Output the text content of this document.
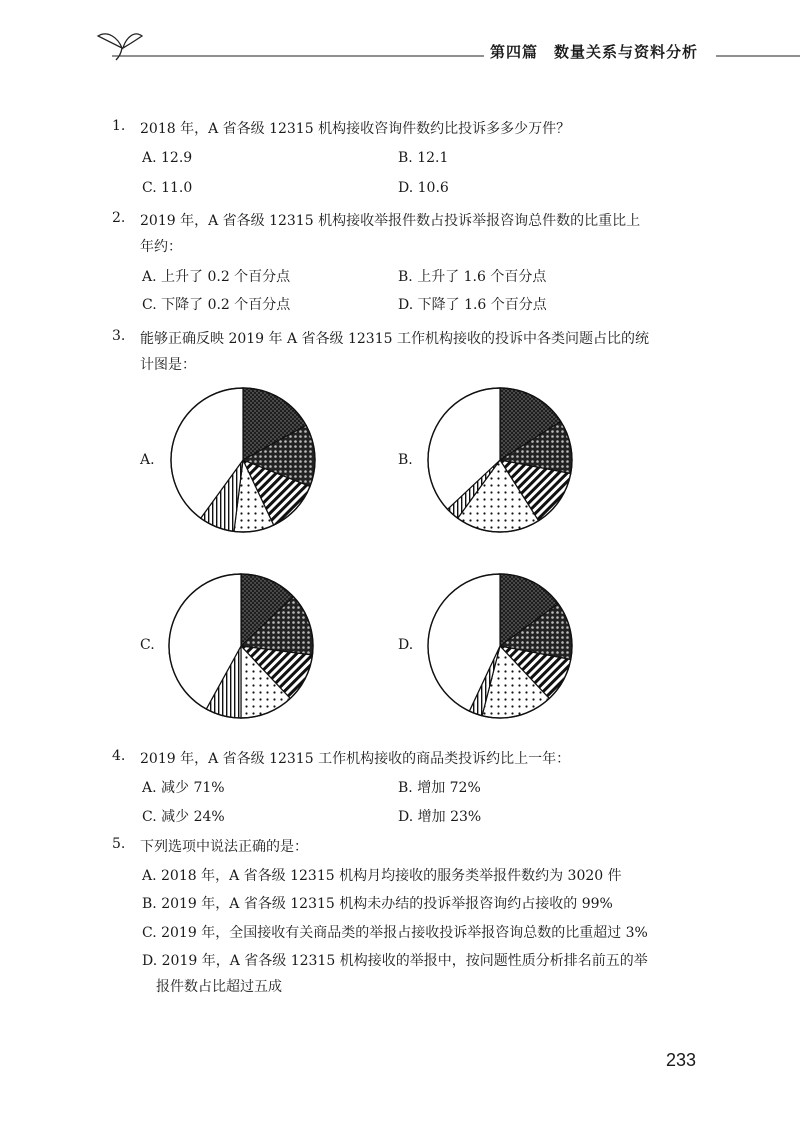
第四篇　数量关系与资料分析
1. 2018 年，A 省各级 12315 机构接收咨询件数约比投诉多多少万件？
A. 12.9	B. 12.1
C. 11.0	D. 10.6
2. 2019 年，A 省各级 12315 机构接收举报件数占投诉举报咨询总件数的比重比上
年约：
A. 上升了 0.2 个百分点	B. 上升了 1.6 个百分点
C. 下降了 0.2 个百分点	D. 下降了 1.6 个百分点
3. 能够正确反映 2019 年 A 省各级 12315 工作机构接收的投诉中各类问题占比的统
计图是：
A.	B.
C.	D.
4. 2019 年，A 省各级 12315 工作机构接收的商品类投诉约比上一年：
A. 减少 71%	B. 增加 72%
C. 减少 24%	D. 增加 23%
5. 下列选项中说法正确的是：
A. 2018 年，A 省各级 12315 机构月均接收的服务类举报件数约为 3020 件
B. 2019 年，A 省各级 12315 机构未办结的投诉举报咨询约占接收的 99%
C. 2019 年，全国接收有关商品类的举报占接收投诉举报咨询总数的比重超过 3%
D. 2019 年，A 省各级 12315 机构接收的举报中，按问题性质分析排名前五的举
报件数占比超过五成
233
